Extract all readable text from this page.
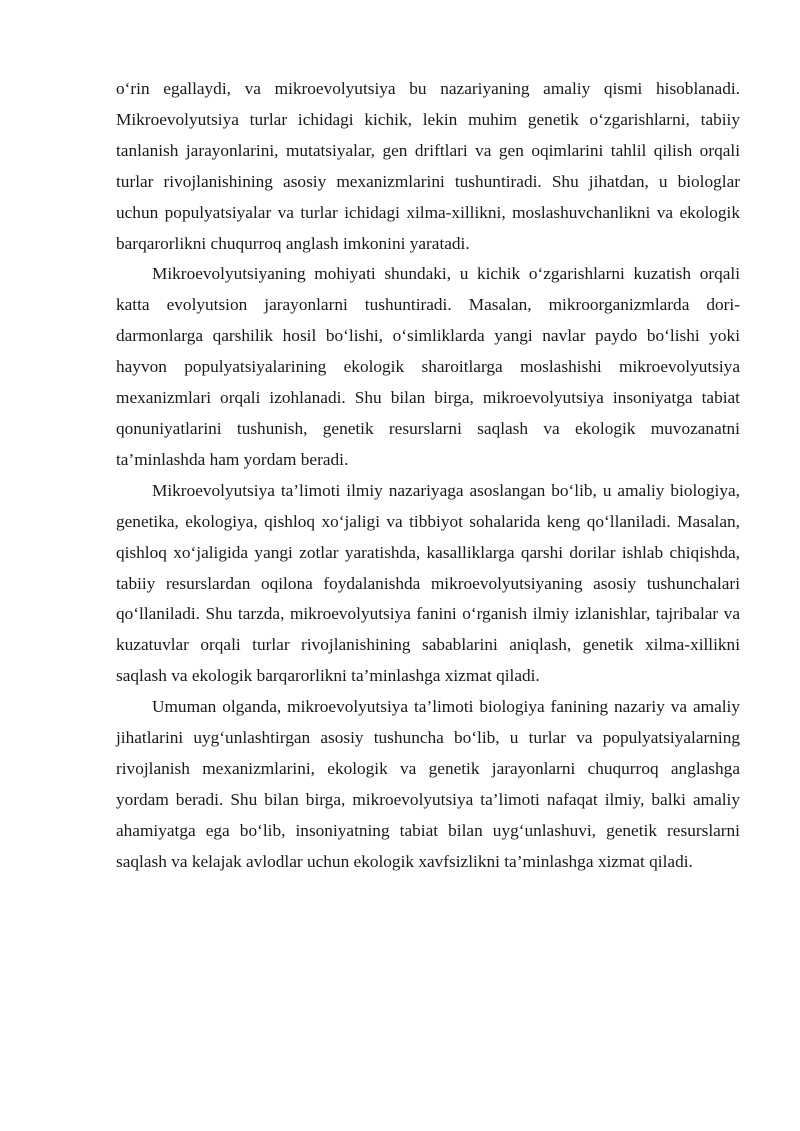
o‘rin egallaydi, va mikroevolyutsiya bu nazariyaning amaliy qismi hisoblanadi. Mikroevolyutsiya turlar ichidagi kichik, lekin muhim genetik o‘zgarishlarni, tabiiy tanlanish jarayonlarini, mutatsiyalar, gen driftlari va gen oqimlarini tahlil qilish orqali turlar rivojlanishining asosiy mexanizmlarini tushuntiradi. Shu jihatdan, u biologlar uchun populyatsiyalar va turlar ichidagi xilma-xillikni, moslashuvchanlikni va ekologik barqarorlikni chuqurroq anglash imkonini yaratadi.

Mikroevolyutsiyaning mohiyati shundaki, u kichik o‘zgarishlarni kuzatish orqali katta evolyutsion jarayonlarni tushuntiradi. Masalan, mikroorganizmlarda dori-darmonlarga qarshilik hosil bo‘lishi, o‘simliklarda yangi navlar paydo bo‘lishi yoki hayvon populyatsiyalarining ekologik sharoitlarga moslashishi mikroevolyutsiya mexanizmlari orqali izohlanadi. Shu bilan birga, mikroevolyutsiya insoniyatga tabiat qonuniyatlarini tushunish, genetik resurslarni saqlash va ekologik muvozanatni ta’minlashda ham yordam beradi.

Mikroevolyutsiya ta’limoti ilmiy nazariyaga asoslangan bo‘lib, u amaliy biologiya, genetika, ekologiya, qishloq xo‘jaligi va tibbiyot sohalarida keng qo‘llaniladi. Masalan, qishloq xo‘jaligida yangi zotlar yaratishda, kasalliklarga qarshi dorilar ishlab chiqishda, tabiiy resurslardan oqilona foydalanishda mikroevolyutsiyaning asosiy tushunchalari qo‘llaniladi. Shu tarzda, mikroevolyutsiya fanini o‘rganish ilmiy izlanishlar, tajribalar va kuzatuvlar orqali turlar rivojlanishining sabablarini aniqlash, genetik xilma-xillikni saqlash va ekologik barqarorlikni ta’minlashga xizmat qiladi.

Umuman olganda, mikroevolyutsiya ta’limoti biologiya fanining nazariy va amaliy jihatlarini uyg‘unlashtirgan asosiy tushuncha bo‘lib, u turlar va populyatsiyalarning rivojlanish mexanizmlarini, ekologik va genetik jarayonlarni chuqurroq anglashga yordam beradi. Shu bilan birga, mikroevolyutsiya ta’limoti nafaqat ilmiy, balki amaliy ahamiyatga ega bo‘lib, insoniyatning tabiat bilan uyg‘unlashuvi, genetik resurslarni saqlash va kelajak avlodlar uchun ekologik xavfsizlikni ta’minlashga xizmat qiladi.
